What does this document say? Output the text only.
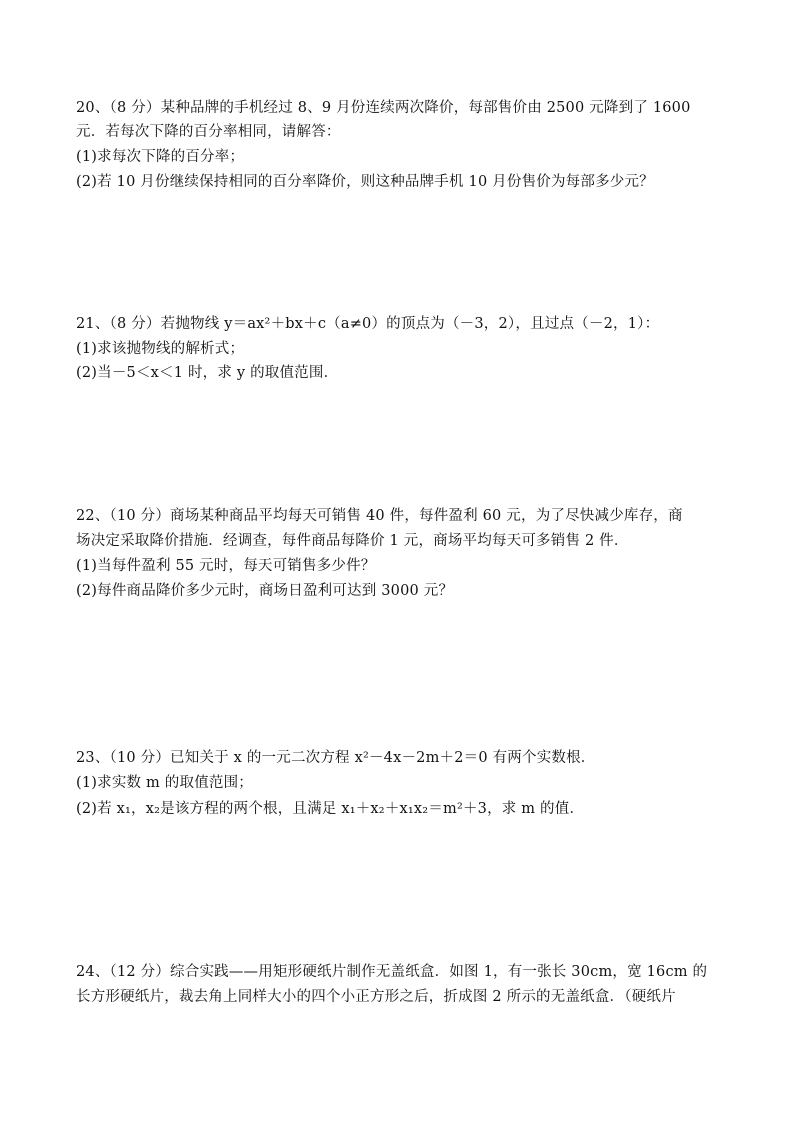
20、（8 分）某种品牌的手机经过 8、9 月份连续两次降价，每部售价由 2500 元降到了 1600
元．若每次下降的百分率相同，请解答：
(1)求每次下降的百分率；
(2)若 10 月份继续保持相同的百分率降价，则这种品牌手机 10 月份售价为每部多少元？
21、（8 分）若抛物线 y＝ax²＋bx＋c（a≠0）的顶点为（－3，2），且过点（－2，1）：
(1)求该抛物线的解析式；
(2)当－5＜x＜1 时，求 y 的取值范围．
22、（10 分）商场某种商品平均每天可销售 40 件，每件盈利 60 元，为了尽快减少库存，商
场决定采取降价措施．经调查，每件商品每降价 1 元，商场平均每天可多销售 2 件．
(1)当每件盈利 55 元时，每天可销售多少件？
(2)每件商品降价多少元时，商场日盈利可达到 3000 元？
23、（10 分）已知关于 x 的一元二次方程 x²－4x－2m＋2＝0 有两个实数根．
(1)求实数 m 的取值范围；
(2)若 x₁，x₂是该方程的两个根，且满足 x₁＋x₂＋x₁x₂＝m²＋3，求 m 的值．
24、（12 分）综合实践——用矩形硬纸片制作无盖纸盒．如图 1，有一张长 30cm，宽 16cm 的
长方形硬纸片，裁去角上同样大小的四个小正方形之后，折成图 2 所示的无盖纸盒．（硬纸片
